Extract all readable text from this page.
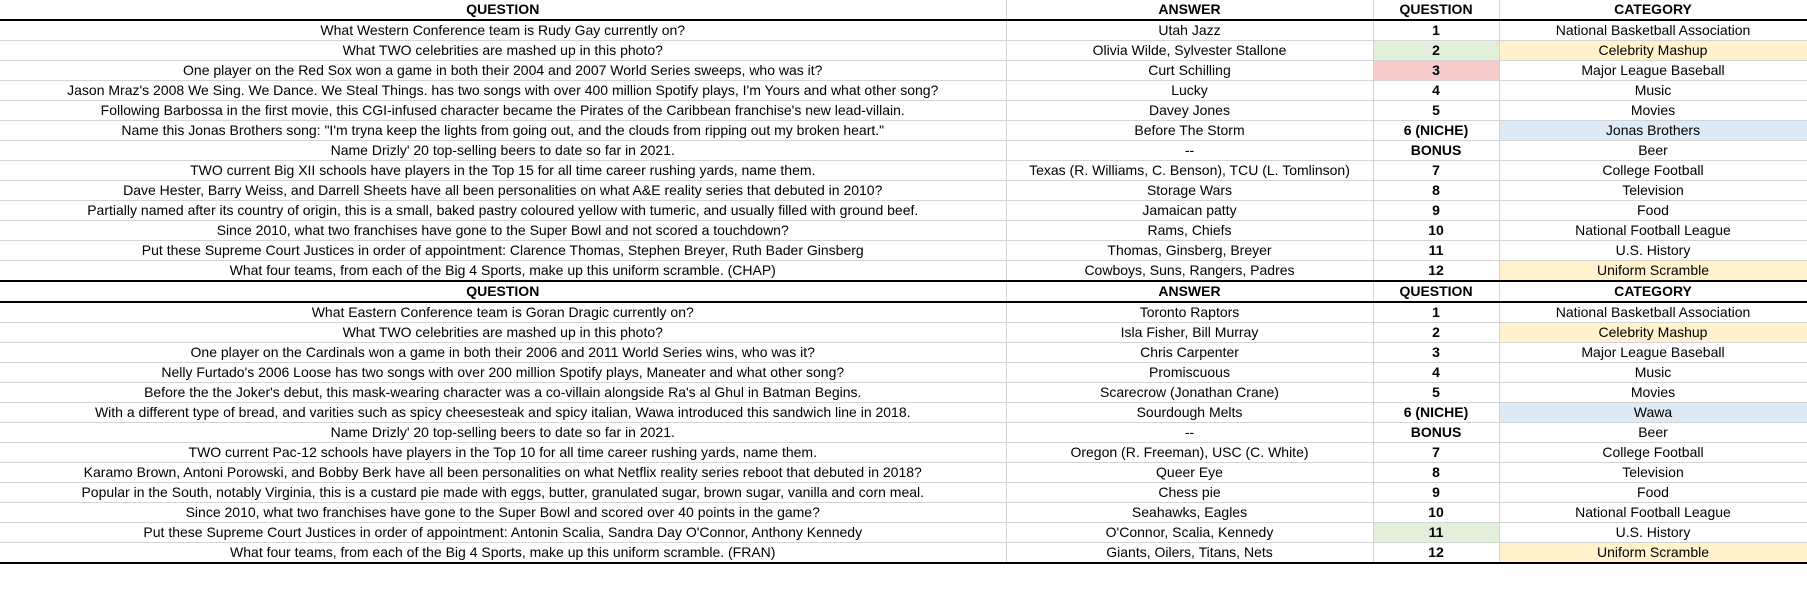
QUESTION	ANSWER	QUESTION	CATEGORY
What Western Conference team is Rudy Gay currently on?	Utah Jazz	1	National Basketball Association
What TWO celebrities are mashed up in this photo?	Olivia Wilde, Sylvester Stallone	2	Celebrity Mashup
One player on the Red Sox won a game in both their 2004 and 2007 World Series sweeps, who was it?	Curt Schilling	3	Major League Baseball
Jason Mraz's 2008 We Sing. We Dance. We Steal Things. has two songs with over 400 million Spotify plays, I'm Yours and what other song?	Lucky	4	Music
Following Barbossa in the first movie, this CGI-infused character became the Pirates of the Caribbean franchise's new lead-villain.	Davey Jones	5	Movies
Name this Jonas Brothers song: "I'm tryna keep the lights from going out, and the clouds from ripping out my broken heart."	Before The Storm	6 (NICHE)	Jonas Brothers
Name Drizly' 20 top-selling beers to date so far in 2021.	--	BONUS	Beer
TWO current Big XII schools have players in the Top 15 for all time career rushing yards, name them.	Texas (R. Williams, C. Benson), TCU (L. Tomlinson)	7	College Football
Dave Hester, Barry Weiss, and Darrell Sheets have all been personalities on what A&E reality series that debuted in 2010?	Storage Wars	8	Television
Partially named after its country of origin, this is a small, baked pastry coloured yellow with tumeric, and usually filled with ground beef.	Jamaican patty	9	Food
Since 2010, what two franchises have gone to the Super Bowl and not scored a touchdown?	Rams, Chiefs	10	National Football League
Put these Supreme Court Justices in order of appointment: Clarence Thomas, Stephen Breyer, Ruth Bader Ginsberg	Thomas, Ginsberg, Breyer	11	U.S. History
What four teams, from each of the Big 4 Sports, make up this uniform scramble. (CHAP)	Cowboys, Suns, Rangers, Padres	12	Uniform Scramble
QUESTION	ANSWER	QUESTION	CATEGORY
What Eastern Conference team is Goran Dragic currently on?	Toronto Raptors	1	National Basketball Association
What TWO celebrities are mashed up in this photo?	Isla Fisher, Bill Murray	2	Celebrity Mashup
One player on the Cardinals won a game in both their 2006 and 2011 World Series wins, who was it?	Chris Carpenter	3	Major League Baseball
Nelly Furtado's 2006 Loose has two songs with over 200 million Spotify plays, Maneater and what other song?	Promiscuous	4	Music
Before the the Joker's debut, this mask-wearing character was a co-villain alongside Ra's al Ghul in Batman Begins.	Scarecrow (Jonathan Crane)	5	Movies
With a different type of bread, and varities such as spicy cheesesteak and spicy italian, Wawa introduced this sandwich line in 2018.	Sourdough Melts	6 (NICHE)	Wawa
Name Drizly' 20 top-selling beers to date so far in 2021.	--	BONUS	Beer
TWO current Pac-12 schools have players in the Top 10 for all time career rushing yards, name them.	Oregon (R. Freeman), USC (C. White)	7	College Football
Karamo Brown, Antoni Porowski, and Bobby Berk have all been personalities on what Netflix reality series reboot that debuted in 2018?	Queer Eye	8	Television
Popular in the South, notably Virginia, this is a custard pie made with eggs, butter, granulated sugar, brown sugar, vanilla and corn meal.	Chess pie	9	Food
Since 2010, what two franchises have gone to the Super Bowl and scored over 40 points in the game?	Seahawks, Eagles	10	National Football League
Put these Supreme Court Justices in order of appointment: Antonin Scalia, Sandra Day O'Connor, Anthony Kennedy	O'Connor, Scalia, Kennedy	11	U.S. History
What four teams, from each of the Big 4 Sports, make up this uniform scramble. (FRAN)	Giants, Oilers, Titans, Nets	12	Uniform Scramble
